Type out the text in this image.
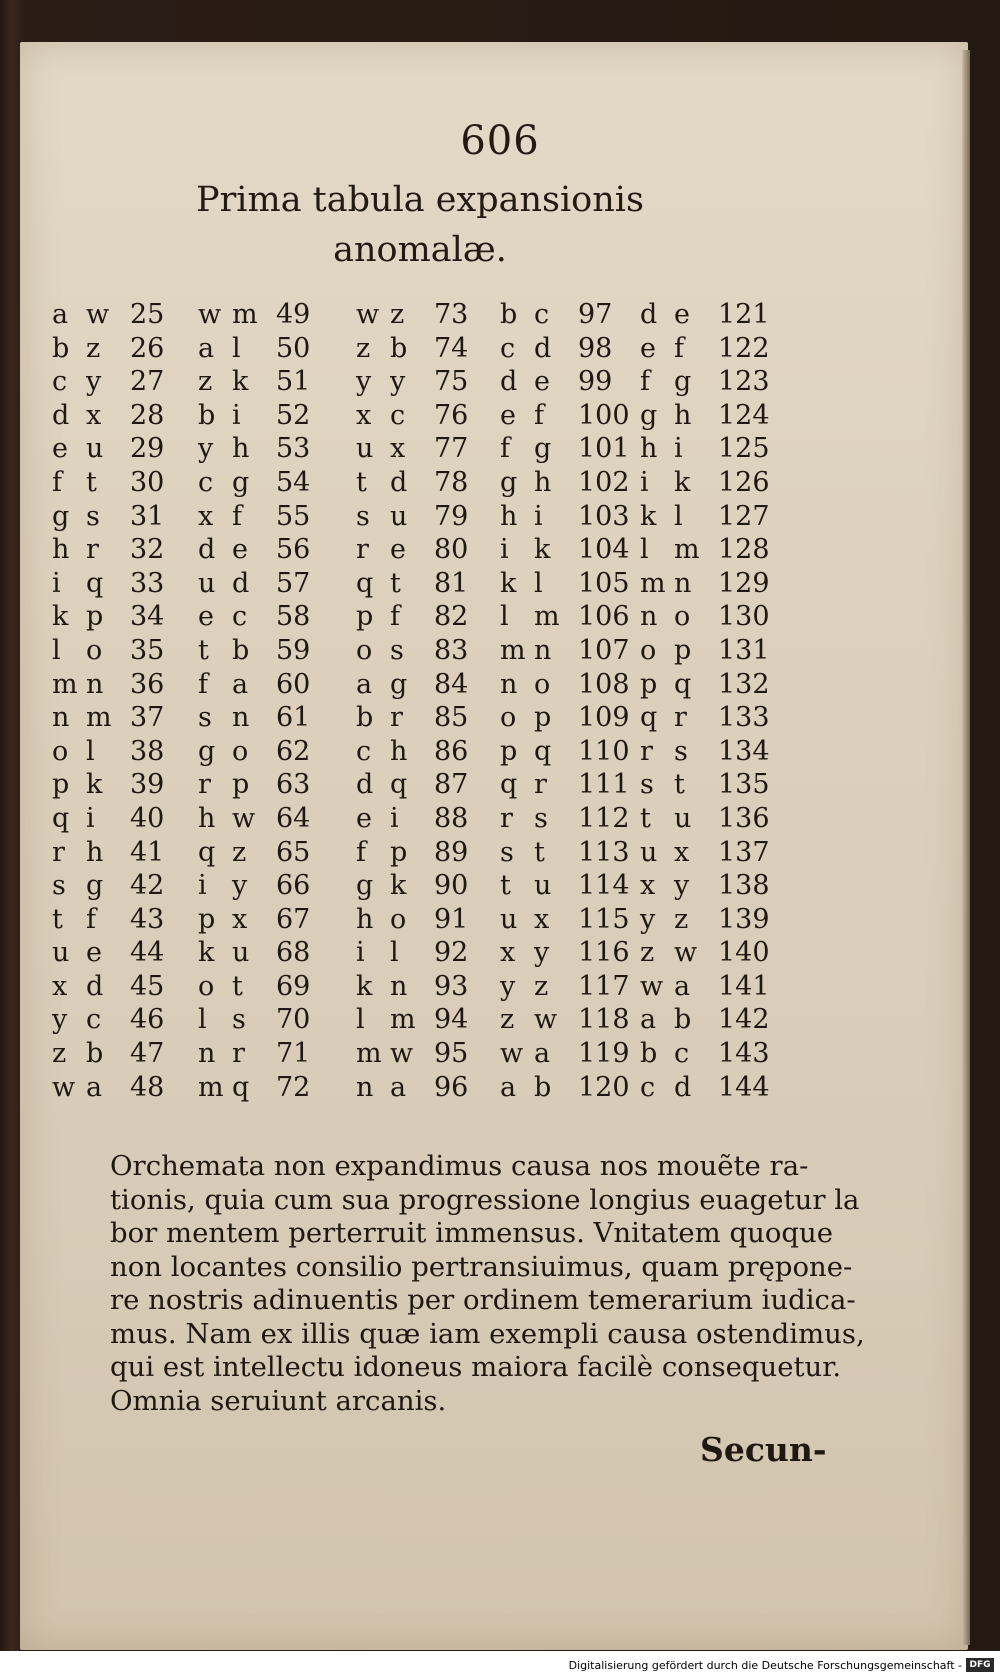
606
Prima tabula expansionis
anomalæ.
a w 25
b z 26
c y 27
d x 28
e u 29
f t 30
g s 31
h r 32
i q 33
k p 34
l o 35
m n 36
n m 37
o l 38
p k 39
q i 40
r h 41
s g 42
t f 43
u e 44
x d 45
y c 46
z b 47
w a 48
w m 49
a l 50
z k 51
b i 52
y h 53
c g 54
x f 55
d e 56
u d 57
e c 58
t b 59
f a 60
s n 61
g o 62
r p 63
h w 64
q z 65
i y 66
p x 67
k u 68
o t 69
l s 70
n r 71
m q 72
w z 73
z b 74
y y 75
x c 76
u x 77
t d 78
s u 79
r e 80
q t 81
p f 82
o s 83
a g 84
b r 85
c h 86
d q 87
e i 88
f p 89
g k 90
h o 91
i l 92
k n 93
l m 94
m w 95
n a 96
b c 97
c d 98
d e 99
e f 100
f g 101
g h 102
h i 103
i k 104
k l 105
l m 106
m n 107
n o 108
o p 109
p q 110
q r 111
r s 112
s t 113
t u 114
u x 115
x y 116
y z 117
z w 118
w a 119
a b 120
d e 121
e f 122
f g 123
g h 124
h i 125
i k 126
k l 127
l m 128
m n 129
n o 130
o p 131
p q 132
q r 133
r s 134
s t 135
t u 136
u x 137
x y 138
y z 139
z w 140
w a 141
a b 142
b c 143
c d 144
Orchemata non expandimus causa nos mouẽte ra-
tionis, quia cum sua progressione longius euagetur la
bor mentem perterruit immensus. Vnitatem quoque
non locantes consilio pertransiuimus, quam prępone-
re nostris adinuentis per ordinem temerarium iudica-
mus. Nam ex illis quæ iam exempli causa ostendimus,
qui est intellectu idoneus maiora facilè consequetur.
Omnia seruiunt arcanis.
Secun-
Digitalisierung gefördert durch die Deutsche Forschungsgemeinschaft - DFG
